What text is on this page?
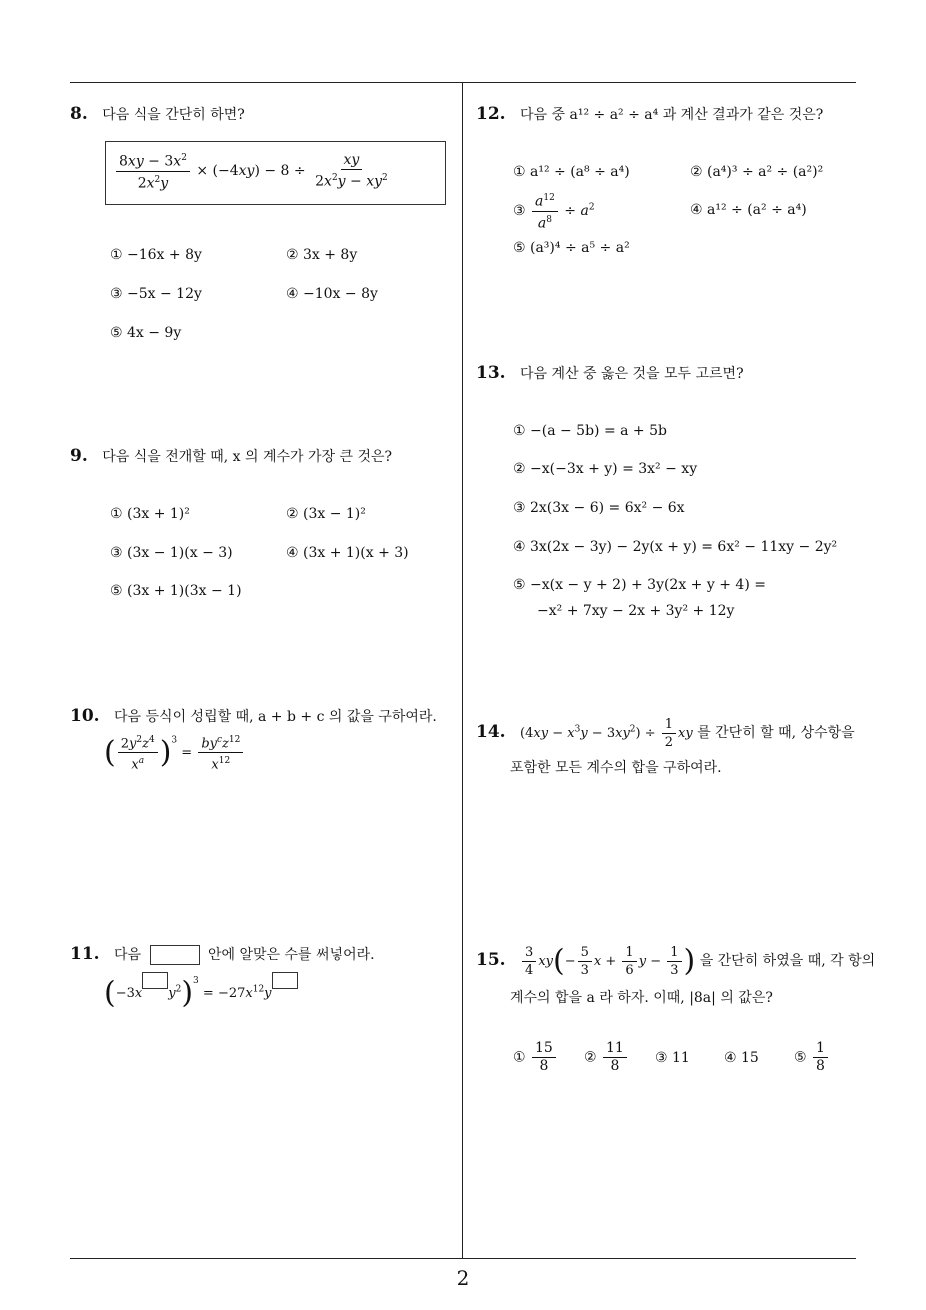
8. 다음 식을 간단히 하면?
$\frac{8xy - 3x^2}{2x^2y} \times (-4xy) - 8 \div \frac{xy}{2x^2y - xy^2}$
① −16x + 8y	② 3x + 8y
③ −5x − 12y	④ −10x − 8y
⑤ 4x − 9y
9. 다음 식을 전개할 때, x 의 계수가 가장 큰 것은?
① (3x + 1)²	② (3x − 1)²
③ (3x − 1)(x − 3)	④ (3x + 1)(x + 3)
⑤ (3x + 1)(3x − 1)
10. 다음 등식이 성립할 때, a + b + c 의 값을 구하여라.
( $\frac{2y^2z^4}{x^a} )^3 = \frac{by^cz^{12}}{x^{12}}$
11. 다음	안에 알맞은 수를 써넣어라.
(−3x $y^2)^3 = -27x^{12}y$
12. 다음 중 a¹² ÷ a² ÷ a⁴ 과 계산 결과가 같은 것은?
① a¹² ÷ (a⁸ ÷ a⁴)	② (a⁴)³ ÷ a² ÷ (a²)²
③ $\frac{a^{12}}{a^8} \div a^2$	④ a¹² ÷ (a² ÷ a⁴)
⑤ (a³)⁴ ÷ a⁵ ÷ a²
13. 다음 계산 중 옳은 것을 모두 고르면?
① −(a − 5b) = a + 5b
② −x(−3x + y) = 3x² − xy
③ 2x(3x − 6) = 6x² − 6x
④ 3x(2x − 3y) − 2y(x + y) = 6x² − 11xy − 2y²
⑤ −x(x − y + 2) + 3y(2x + y + 4) =
−x² + 7xy − 2x + 3y² + 12y
14. $(4xy - x^3y - 3xy^2) \div \frac{1}{2}$ xy 를 간단히 할 때, 상수항을
포함한 모든 계수의 합을 구하여라.
15. $\frac{3}{4} xy(- \frac{5}{3}$ $x + \frac{1}{6}$ $y - \frac{1}{3}$ ) 을 간단히 하였을 때, 각 항의
계수의 합을 a 라 하자. 이때, |8a| 의 값은?
① $\frac{15}{8}$ ② $\frac{11}{8}$ ③ 11 ④ 15	⑤ $\frac{1}{8}$
2
